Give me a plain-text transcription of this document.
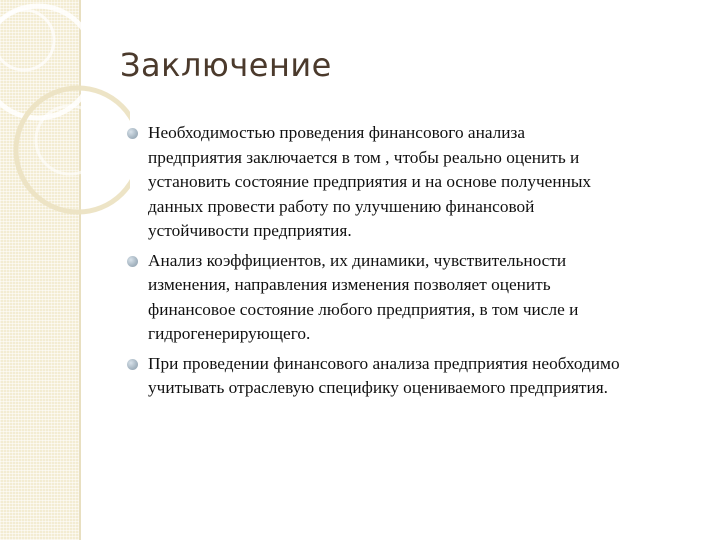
Заключение
Необходимостью проведения финансового анализа
предприятия заключается в том , чтобы реально оценить и
установить состояние предприятия и на основе полученных
данных провести работу по улучшению финансовой
устойчивости предприятия.
Анализ коэффициентов, их динамики, чувствительности
изменения, направления изменения позволяет оценить
финансовое состояние любого предприятия, в том числе и
гидрогенерирующего.
При проведении финансового анализа предприятия необходимо
учитывать отраслевую специфику оцениваемого предприятия.
